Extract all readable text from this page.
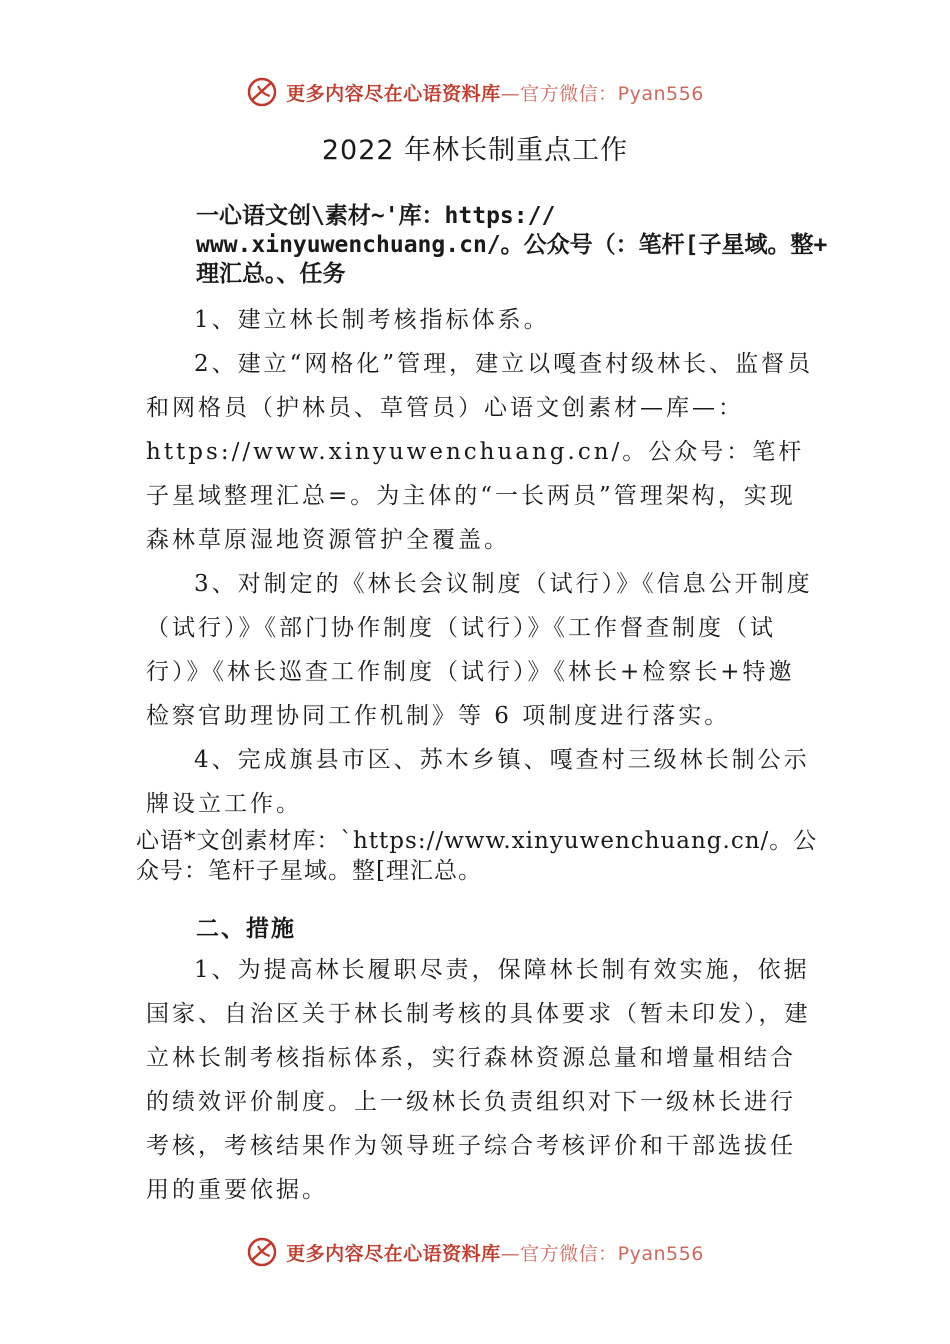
更多内容尽在心语资料库—官方微信：Pyan556
2022 年林长制重点工作
一心语文创\素材~'库：https://
www.xinyuwenchuang.cn/。公众号（：笔杆[子星域。整+
理汇总。、任务
1、建立林长制考核指标体系。
2、建立“网格化”管理，建立以嘎查村级林长、监督员和网格员（护林员、草管员）心语文创素材—库—：https://www.xinyuwenchuang.cn/。公众号：笔杆子星域整理汇总=。为主体的“一长两员”管理架构，实现森林草原湿地资源管护全覆盖。
3、对制定的《林长会议制度（试行）》《信息公开制度（试行）》《部门协作制度（试行）》《工作督查制度（试行）》《林长巡查工作制度（试行）》《林长+检察长+特邀检察官助理协同工作机制》等 6 项制度进行落实。
4、完成旗县市区、苏木乡镇、嘎查村三级林长制公示牌设立工作。
心语*文创素材库：`https://www.xinyuwenchuang.cn/。公众号：笔杆子星域。整[理汇总。
二、措施
1、为提高林长履职尽责，保障林长制有效实施，依据国家、自治区关于林长制考核的具体要求（暂未印发），建立林长制考核指标体系，实行森林资源总量和增量相结合的绩效评价制度。上一级林长负责组织对下一级林长进行考核，考核结果作为领导班子综合考核评价和干部选拔任用的重要依据。
更多内容尽在心语资料库—官方微信：Pyan556
